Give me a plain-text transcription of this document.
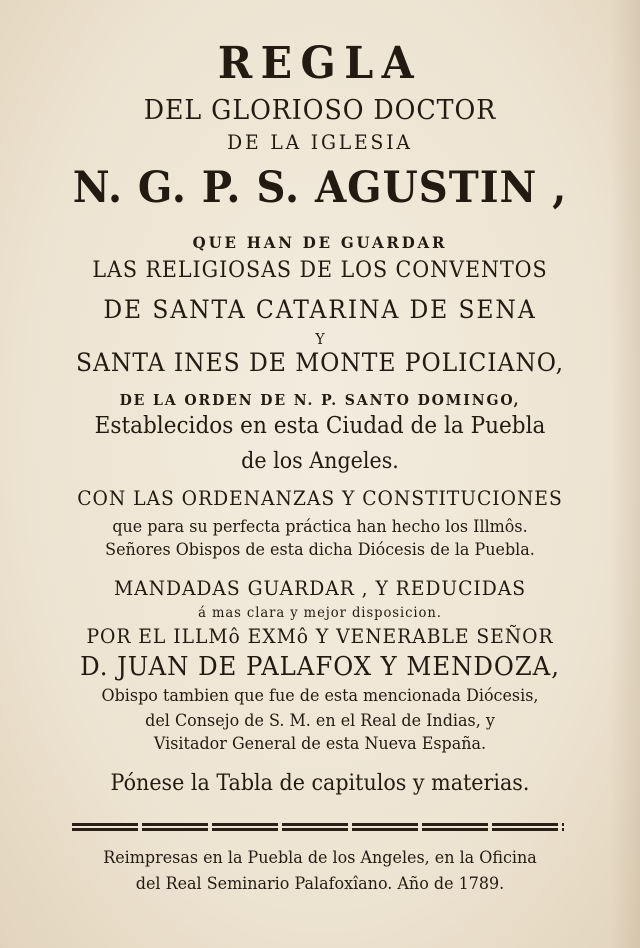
REGLA
DEL GLORIOSO DOCTOR
DE LA IGLESIA
N. G. P. S. AGUSTIN ,
QUE HAN DE GUARDAR
LAS RELIGIOSAS DE LOS CONVENTOS
DE SANTA CATARINA DE SENA
Y
SANTA INES DE MONTE POLICIANO,
DE LA ORDEN DE N. P. SANTO DOMINGO,
Establecidos en esta Ciudad de la Puebla
de los Angeles.
CON LAS ORDENANZAS Y CONSTITUCIONES
que para su perfecta práctica han hecho los Illmôs.
Señores Obispos de esta dicha Diócesis de la Puebla.
MANDADAS GUARDAR , Y REDUCIDAS
á mas clara y mejor disposicion.
POR EL ILLMô EXMô Y VENERABLE SEÑOR
D. JUAN DE PALAFOX Y MENDOZA,
Obispo tambien que fue de esta mencionada Diócesis,
del Consejo de S. M. en el Real de Indias, y
Visitador General de esta Nueva España.
Pónese la Tabla de capitulos y materias.
Reimpresas en la Puebla de los Angeles, en la Oficina
del Real Seminario Palafoxîano. Año de 1789.
